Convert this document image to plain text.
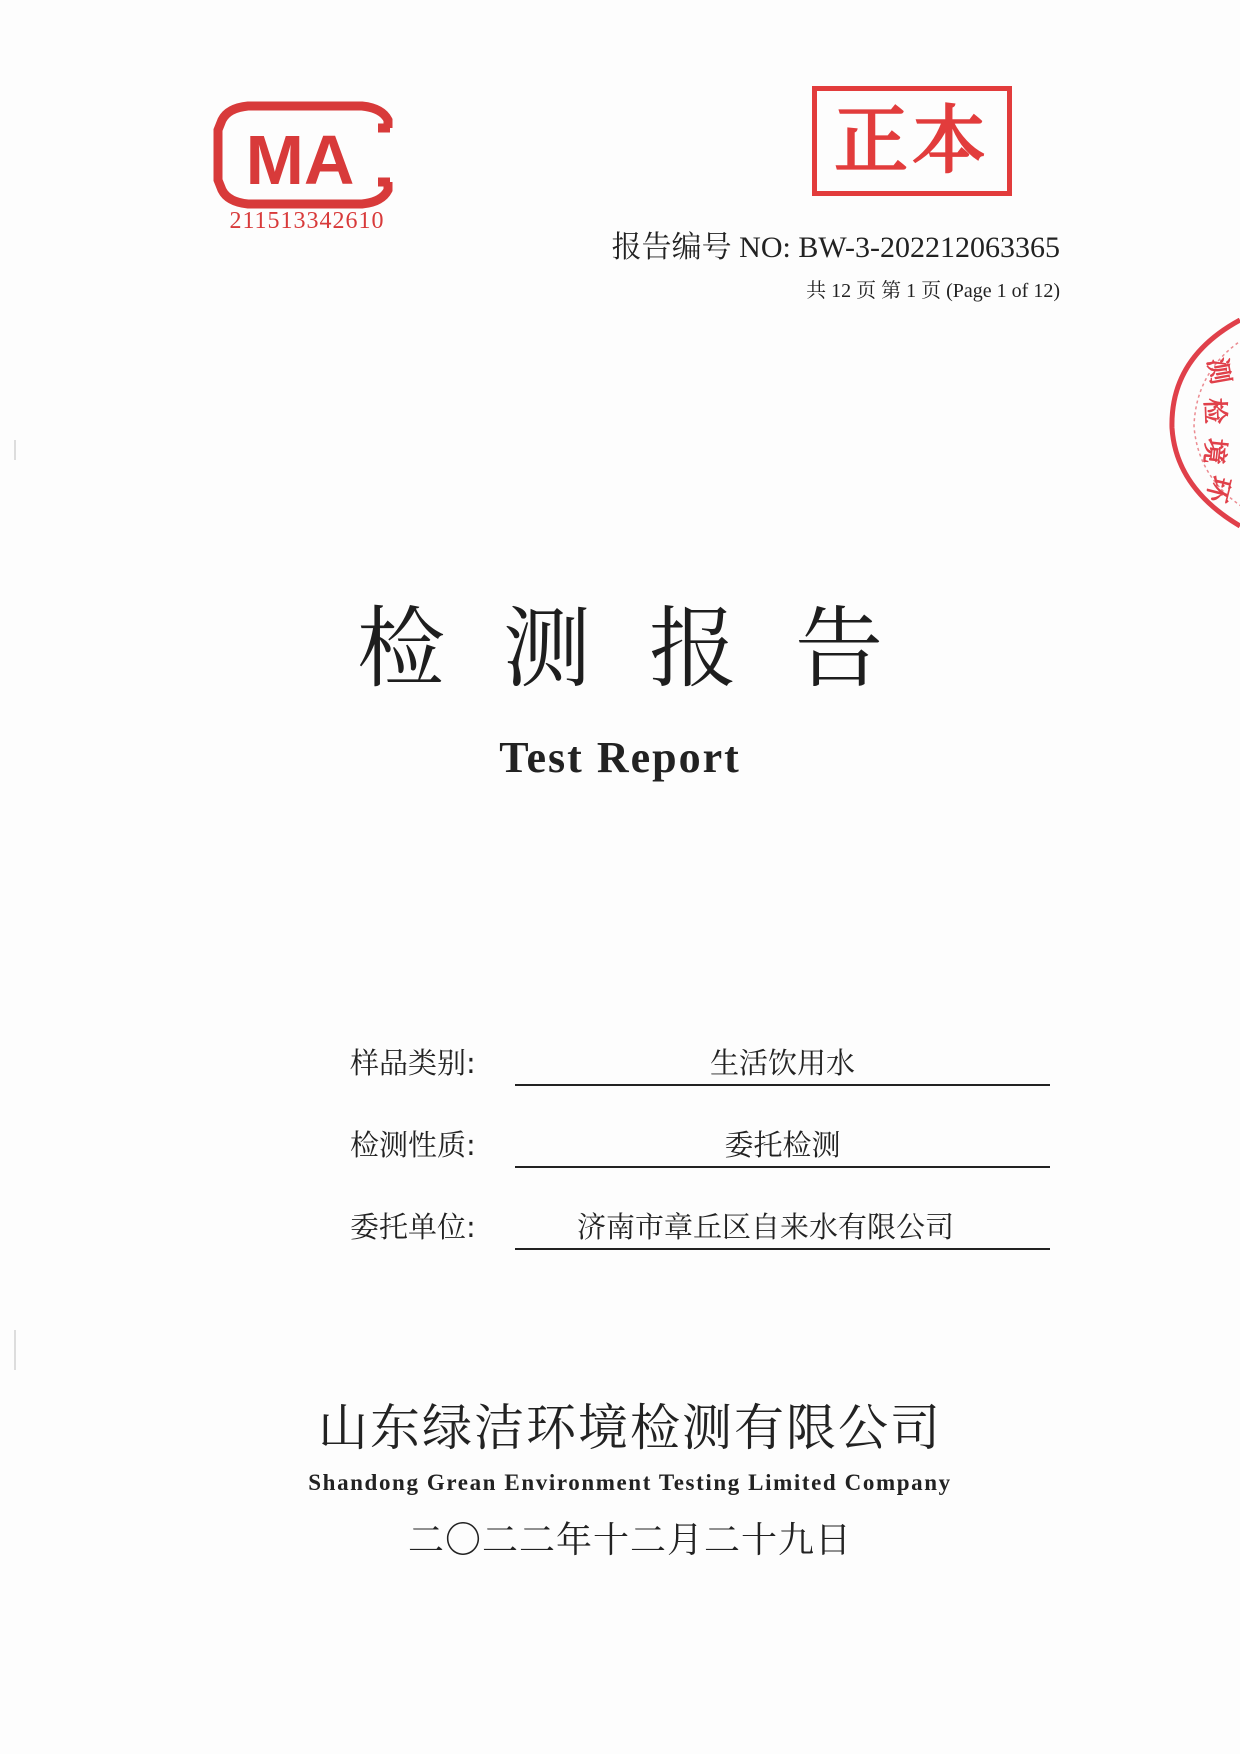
MA
211513342610
正本
报告编号 NO: BW-3-202212063365
共 12 页 第 1 页 (Page 1 of 12)
测
检
境
环
检测报告
Test Report
样品类别:	生活饮用水
检测性质:	委托检测
委托单位:	济南市章丘区自来水有限公司
山东绿洁环境检测有限公司
Shandong Grean Environment Testing Limited Company
二〇二二年十二月二十九日
